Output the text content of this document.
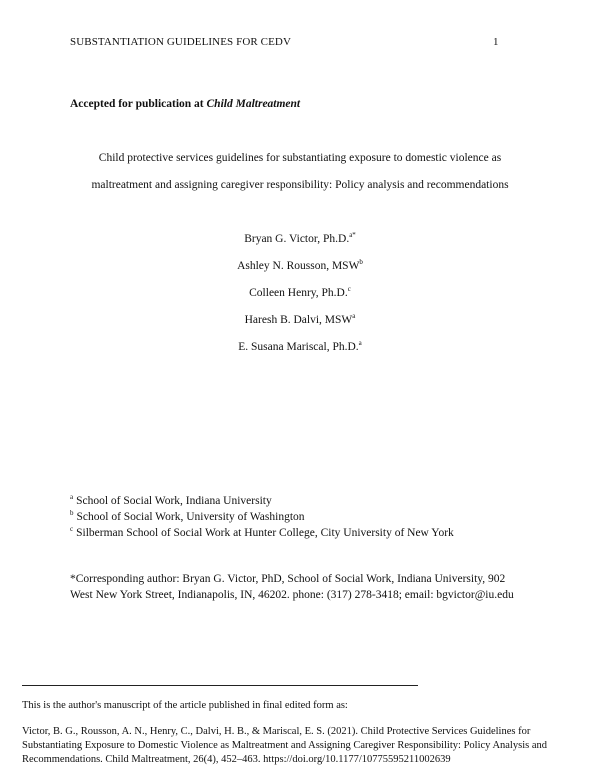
SUBSTANTIATION GUIDELINES FOR CEDV	1
Accepted for publication at Child Maltreatment
Child protective services guidelines for substantiating exposure to domestic violence as
maltreatment and assigning caregiver responsibility: Policy analysis and recommendations
Bryan G. Victor, Ph.D.$^{a*}$
Ashley N. Rousson, MSW$^b$
Colleen Henry, Ph.D.$^c$
Haresh B. Dalvi, MSW$^a$
E. Susana Mariscal, Ph.D.$^a$
$^a$ School of Social Work, Indiana University
$^b$ School of Social Work, University of Washington
$^c$ Silberman School of Social Work at Hunter College, City University of New York
*Corresponding author: Bryan G. Victor, PhD, School of Social Work, Indiana University, 902
West New York Street, Indianapolis, IN, 46202. phone: (317) 278-3418; email: bgvictor@iu.edu
This is the author's manuscript of the article published in final edited form as:
Victor, B. G., Rousson, A. N., Henry, C., Dalvi, H. B., & Mariscal, E. S. (2021). Child Protective Services Guidelines for
Substantiating Exposure to Domestic Violence as Maltreatment and Assigning Caregiver Responsibility: Policy Analysis and
Recommendations. Child Maltreatment, 26(4), 452–463. https://doi.org/10.1177/10775595211002639
